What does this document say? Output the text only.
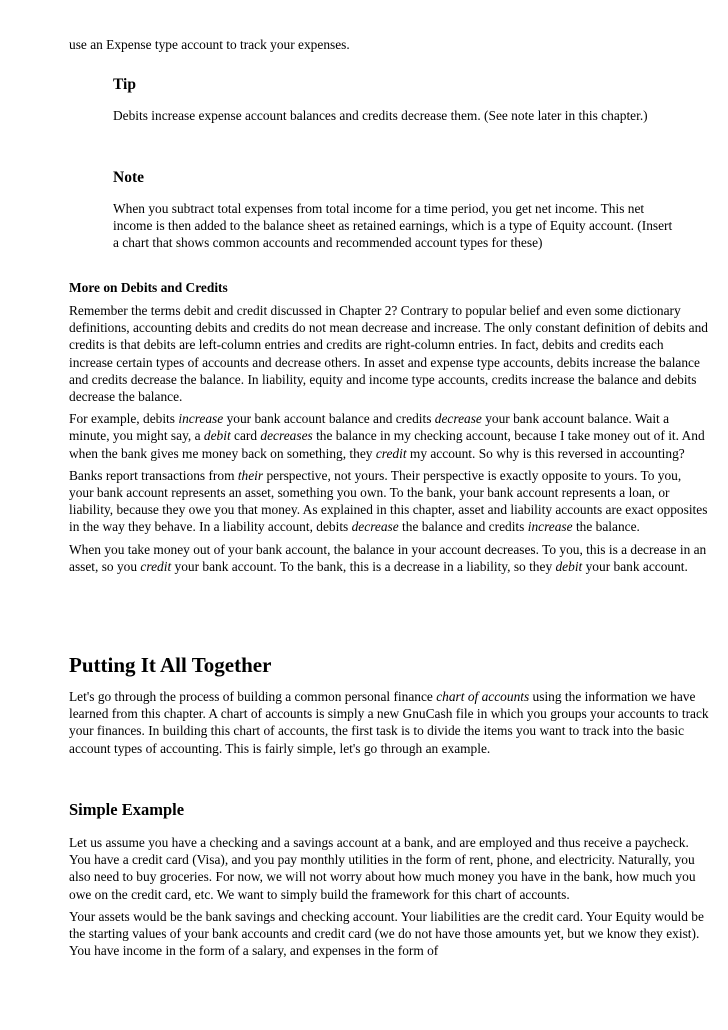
use an Expense type account to track your expenses.

Tip

Debits increase expense account balances and credits decrease them. (See note later in this chapter.)

Note

When you subtract total expenses from total income for a time period, you get net income. This net income is then added to the balance sheet as retained earnings, which is a type of Equity account. (Insert a chart that shows common accounts and recommended account types for these)

More on Debits and Credits

Remember the terms debit and credit discussed in Chapter 2? Contrary to popular belief and even some dictionary definitions, accounting debits and credits do not mean decrease and increase. The only constant definition of debits and credits is that debits are left-column entries and credits are right-column entries. In fact, debits and credits each increase certain types of accounts and decrease others. In asset and expense type accounts, debits increase the balance and credits decrease the balance. In liability, equity and income type accounts, credits increase the balance and debits decrease the balance.

For example, debits increase your bank account balance and credits decrease your bank account balance. Wait a minute, you might say, a debit card decreases the balance in my checking account, because I take money out of it. And when the bank gives me money back on something, they credit my account. So why is this reversed in accounting?

Banks report transactions from their perspective, not yours. Their perspective is exactly opposite to yours. To you, your bank account represents an asset, something you own. To the bank, your bank account represents a loan, or liability, because they owe you that money. As explained in this chapter, asset and liability accounts are exact opposites in the way they behave. In a liability account, debits decrease the balance and credits increase the balance.

When you take money out of your bank account, the balance in your account decreases. To you, this is a decrease in an asset, so you credit your bank account. To the bank, this is a decrease in a liability, so they debit your bank account.

Putting It All Together

Let's go through the process of building a common personal finance chart of accounts using the information we have learned from this chapter. A chart of accounts is simply a new GnuCash file in which you groups your accounts to track your finances. In building this chart of accounts, the first task is to divide the items you want to track into the basic account types of accounting. This is fairly simple, let's go through an example.

Simple Example

Let us assume you have a checking and a savings account at a bank, and are employed and thus receive a paycheck. You have a credit card (Visa), and you pay monthly utilities in the form of rent, phone, and electricity. Naturally, you also need to buy groceries. For now, we will not worry about how much money you have in the bank, how much you owe on the credit card, etc. We want to simply build the framework for this chart of accounts.

Your assets would be the bank savings and checking account. Your liabilities are the credit card. Your Equity would be the starting values of your bank accounts and credit card (we do not have those amounts yet, but we know they exist). You have income in the form of a salary, and expenses in the form of
